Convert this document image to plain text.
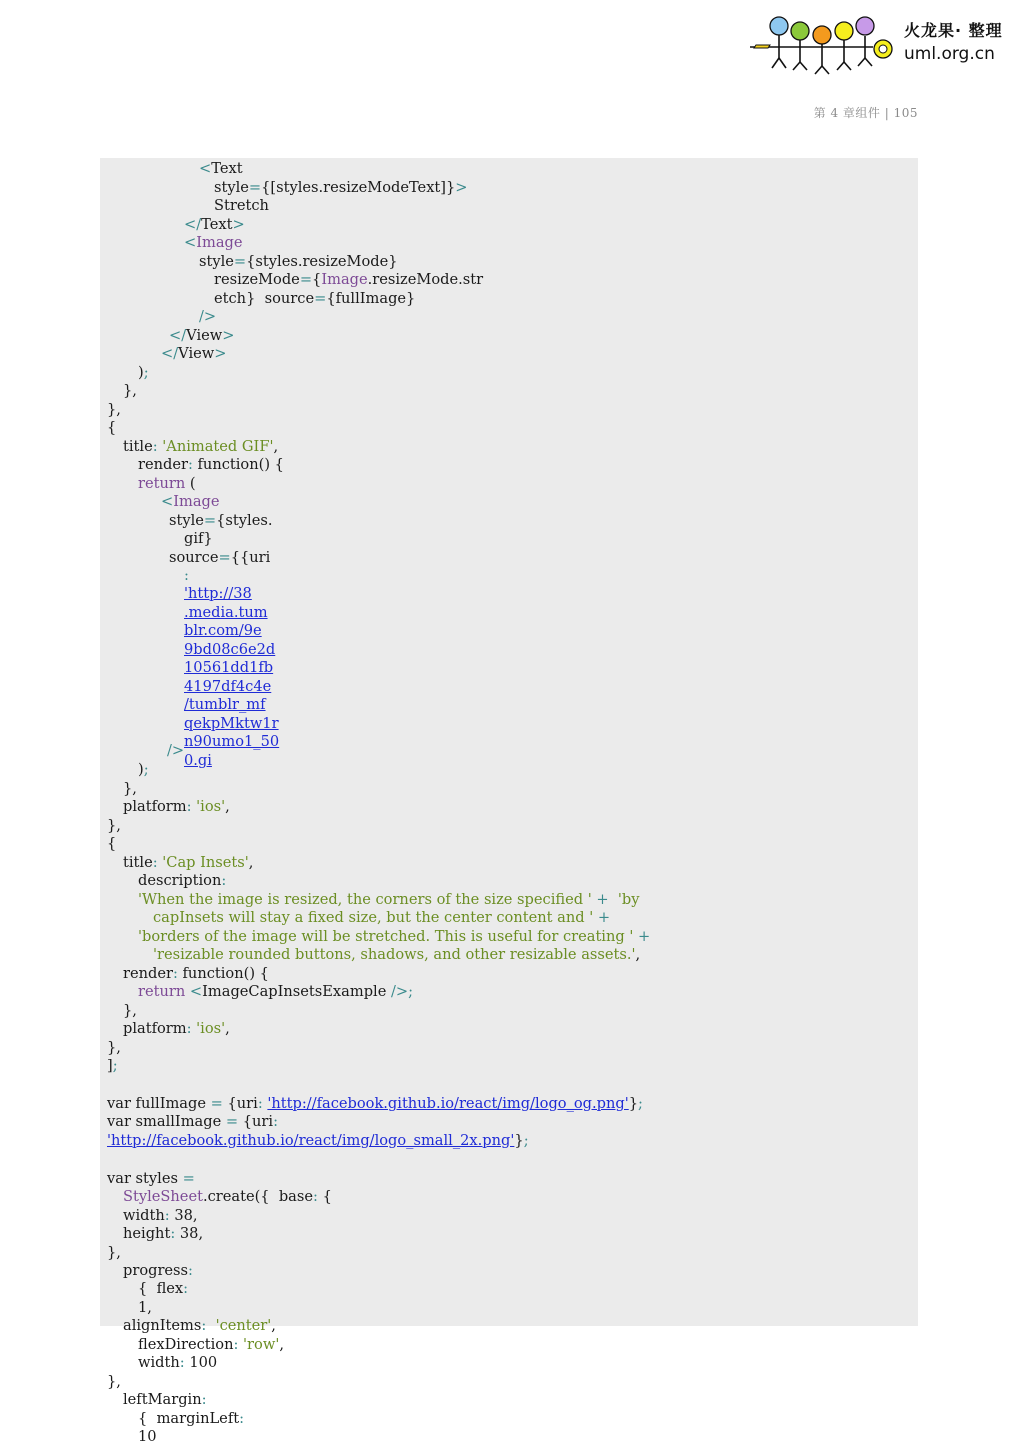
火龙果· 整理
uml.org.cn
第 4 章组件 | 105
<Text
style={[styles.resizeModeText]}>
Stretch
</Text>
<Image
style={styles.resizeMode}
resizeMode={Image.resizeMode.str
etch}  source={fullImage}
/>
</View>
</View>
);
},
},
{
title: 'Animated GIF',
render: function() {
return (
<Image
style={styles.
gif}
source={{uri
:
'http://38
.media.tum
blr.com/9e
9bd08c6e2d
10561dd1fb
4197df4c4e
/tumblr_mf
qekpMktw1r
n90umo1_50
/>
0.gi
);
},
platform: 'ios',
},
{
title: 'Cap Insets',
description:
'When the image is resized, the corners of the size specified ' +  'by
capInsets will stay a fixed size, but the center content and ' +
'borders of the image will be stretched. This is useful for creating ' +
'resizable rounded buttons, shadows, and other resizable assets.',
render: function() {
return <ImageCapInsetsExample />;
},
platform: 'ios',
},
];
var fullImage = {uri: 'http://facebook.github.io/react/img/logo_og.png'};
var smallImage = {uri:
'http://facebook.github.io/react/img/logo_small_2x.png'};
var styles =
StyleSheet.create({  base: {
width: 38,
height: 38,
},
progress:
{  flex:
1,
alignItems: 'center',
flexDirection: 'row',
width: 100
},
leftMargin:
{  marginLeft:
10
